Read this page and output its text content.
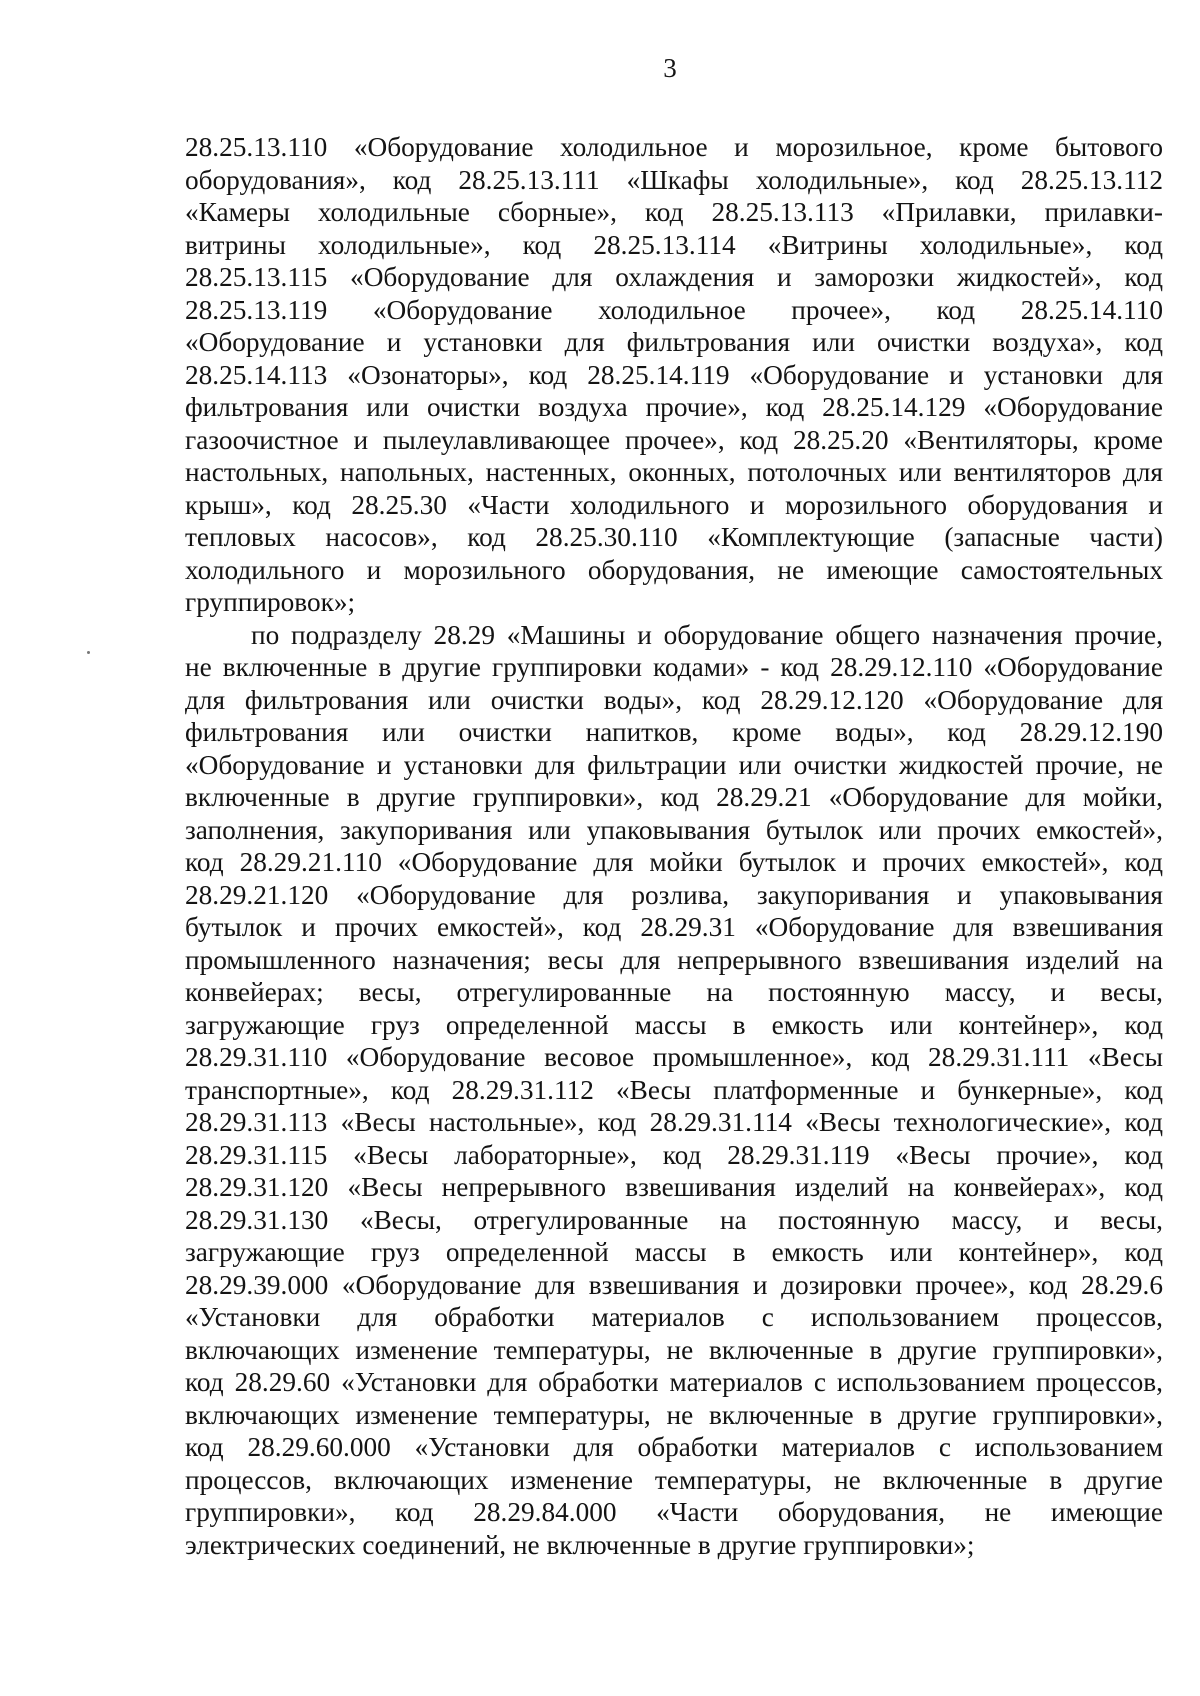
3
28.25.13.110 «Оборудование холодильное и морозильное, кроме бытового
оборудования», код 28.25.13.111 «Шкафы холодильные», код 28.25.13.112
«Камеры холодильные сборные», код 28.25.13.113 «Прилавки, прилавки-
витрины холодильные», код 28.25.13.114 «Витрины холодильные», код
28.25.13.115 «Оборудование для охлаждения и заморозки жидкостей», код
28.25.13.119 «Оборудование холодильное прочее», код 28.25.14.110
«Оборудование и установки для фильтрования или очистки воздуха», код
28.25.14.113 «Озонаторы», код 28.25.14.119 «Оборудование и установки для
фильтрования или очистки воздуха прочие», код 28.25.14.129 «Оборудование
газоочистное и пылеулавливающее прочее», код 28.25.20 «Вентиляторы, кроме
настольных, напольных, настенных, оконных, потолочных или вентиляторов для
крыш», код 28.25.30 «Части холодильного и морозильного оборудования и
тепловых насосов», код 28.25.30.110 «Комплектующие (запасные части)
холодильного и морозильного оборудования, не имеющие самостоятельных
группировок»;
по подразделу 28.29 «Машины и оборудование общего назначения прочие,
не включенные в другие группировки кодами» - код 28.29.12.110 «Оборудование
для фильтрования или очистки воды», код 28.29.12.120 «Оборудование для
фильтрования или очистки напитков, кроме воды», код 28.29.12.190
«Оборудование и установки для фильтрации или очистки жидкостей прочие, не
включенные в другие группировки», код 28.29.21 «Оборудование для мойки,
заполнения, закупоривания или упаковывания бутылок или прочих емкостей»,
код 28.29.21.110 «Оборудование для мойки бутылок и прочих емкостей», код
28.29.21.120 «Оборудование для розлива, закупоривания и упаковывания
бутылок и прочих емкостей», код 28.29.31 «Оборудование для взвешивания
промышленного назначения; весы для непрерывного взвешивания изделий на
конвейерах; весы, отрегулированные на постоянную массу, и весы,
загружающие груз определенной массы в емкость или контейнер», код
28.29.31.110 «Оборудование весовое промышленное», код 28.29.31.111 «Весы
транспортные», код 28.29.31.112 «Весы платформенные и бункерные», код
28.29.31.113 «Весы настольные», код 28.29.31.114 «Весы технологические», код
28.29.31.115 «Весы лабораторные», код 28.29.31.119 «Весы прочие», код
28.29.31.120 «Весы непрерывного взвешивания изделий на конвейерах», код
28.29.31.130 «Весы, отрегулированные на постоянную массу, и весы,
загружающие груз определенной массы в емкость или контейнер», код
28.29.39.000 «Оборудование для взвешивания и дозировки прочее», код 28.29.6
«Установки для обработки материалов с использованием процессов,
включающих изменение температуры, не включенные в другие группировки»,
код 28.29.60 «Установки для обработки материалов с использованием процессов,
включающих изменение температуры, не включенные в другие группировки»,
код 28.29.60.000 «Установки для обработки материалов с использованием
процессов, включающих изменение температуры, не включенные в другие
группировки», код 28.29.84.000 «Части оборудования, не имеющие
электрических соединений, не включенные в другие группировки»;
